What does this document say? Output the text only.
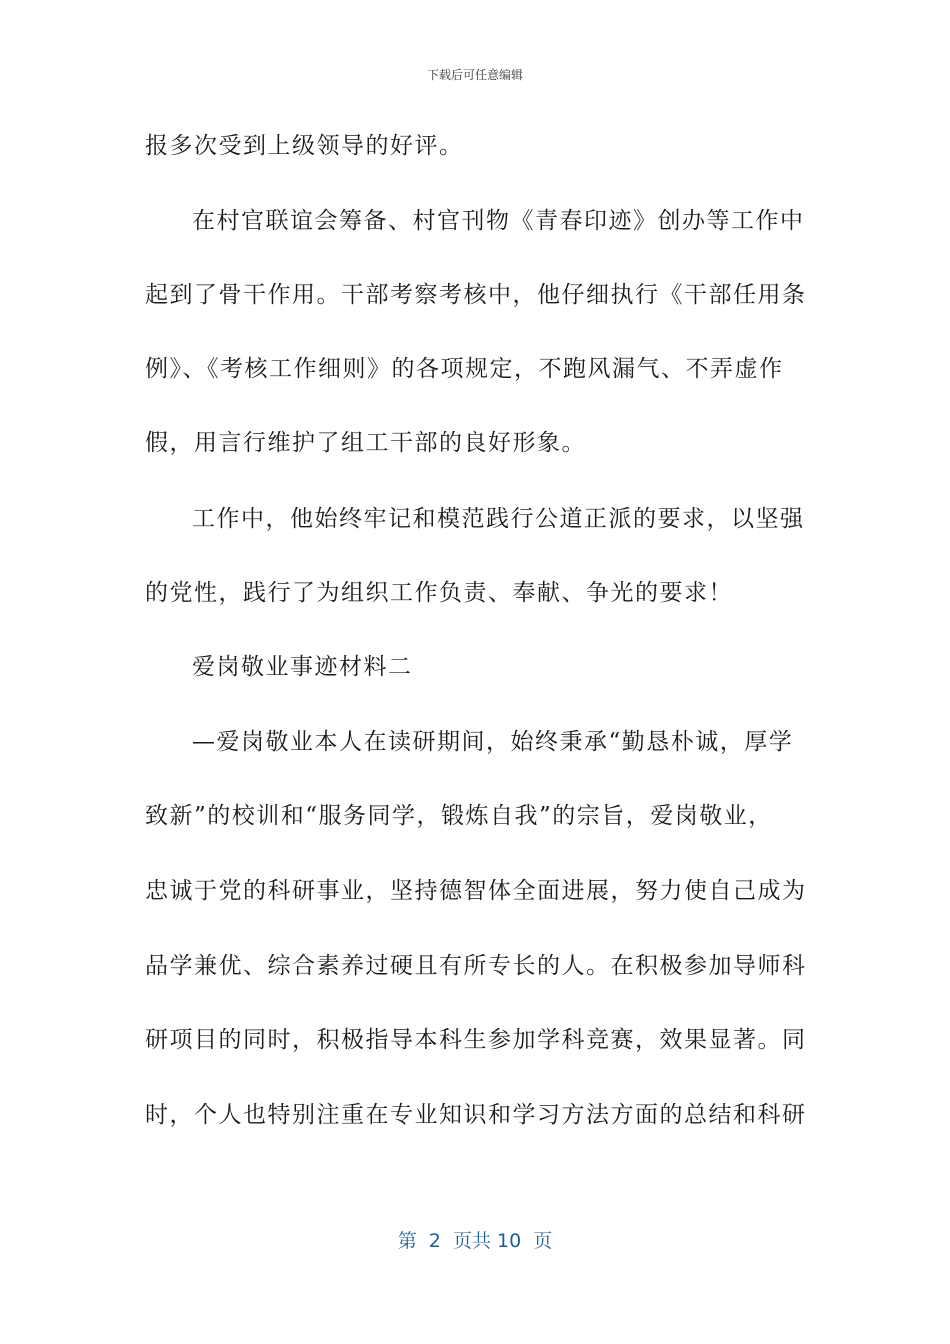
下载后可任意编辑
报多次受到上级领导的好评。
在村官联谊会筹备、村官刊物《青春印迹》创办等工作中
起到了骨干作用。干部考察考核中，他仔细执行《干部任用条
例》、《考核工作细则》的各项规定，不跑风漏气、不弄虚作
假，用言行维护了组工干部的良好形象。
工作中，他始终牢记和模范践行公道正派的要求，以坚强
的党性，践行了为组织工作负责、奉献、争光的要求！
爱岗敬业事迹材料二
—爱岗敬业本人在读研期间，始终秉承“勤恳朴诚，厚学
致新”的校训和“服务同学，锻炼自我”的宗旨，爱岗敬业，
忠诚于党的科研事业，坚持德智体全面进展，努力使自己成为
品学兼优、综合素养过硬且有所专长的人。在积极参加导师科
研项目的同时，积极指导本科生参加学科竞赛，效果显著。同
时，个人也特别注重在专业知识和学习方法方面的总结和科研
第  2  页共 10  页
